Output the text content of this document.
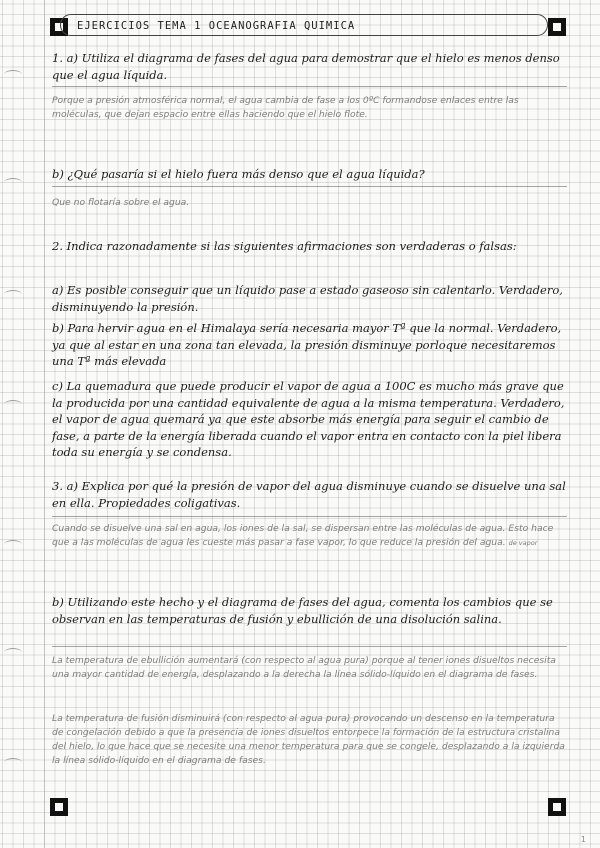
EJERCICIOS TEMA 1 OCEANOGRAFIA QUIMICA
1. a) Utiliza el diagrama de fases del agua para demostrar que el hielo es menos denso que el agua líquida.
Porque a presión atmosférica normal, el agua cambia de fase a los 0ºC formandose enlaces entre las moléculas, que dejan espacio entre ellas haciendo que el hielo flote.
b) ¿Qué pasaría si el hielo fuera más denso que el agua líquida?
Que no flotaría sobre el agua.
2. Indica razonadamente si las siguientes afirmaciones son verdaderas o falsas:
a) Es posible conseguir que un líquido pase a estado gaseoso sin calentarlo. Verdadero, disminuyendo la presión.
b) Para hervir agua en el Himalaya sería necesaria mayor Tª que la normal. Verdadero, ya que al estar en una zona tan elevada, la presión disminuye porloque necesitaremos una Tª más elevada
c) La quemadura que puede producir el vapor de agua a 100C es mucho más grave que la producida por una cantidad equivalente de agua a la misma temperatura. Verdadero, el vapor de agua quemará ya que este absorbe más energía para seguir el cambio de fase, a parte de la energía liberada cuando el vapor entra en contacto con la piel libera toda su energía y se condensa.
3. a) Explica por qué la presión de vapor del agua disminuye cuando se disuelve una sal en ella. Propiedades coligativas.
Cuando se disuelve una sal en agua, los iones de la sal, se dispersan entre las moléculas de agua. Esto hace que a las moléculas de agua les cueste más pasar a fase vapor, lo que reduce la presión del agua. de vapor
b) Utilizando este hecho y el diagrama de fases del agua, comenta los cambios que se observan en las temperaturas de fusión y ebullición de una disolución salina.
La temperatura de ebullición aumentará (con respecto al agua pura) porque al tener iones disueltos necesita una mayor cantidad de energía, desplazando a la derecha la línea sólido-líquido en el diagrama de fases.
La temperatura de fusión disminuirá (con respecto al agua pura) provocando un descenso en la temperatura de congelación debido a que la presencia de iones disueltos entorpece la formación de la estructura cristalina del hielo, lo que hace que se necesite una menor temperatura para que se congele, desplazando a la izquierda la línea sólido-líquido en el diagrama de fases.
1
